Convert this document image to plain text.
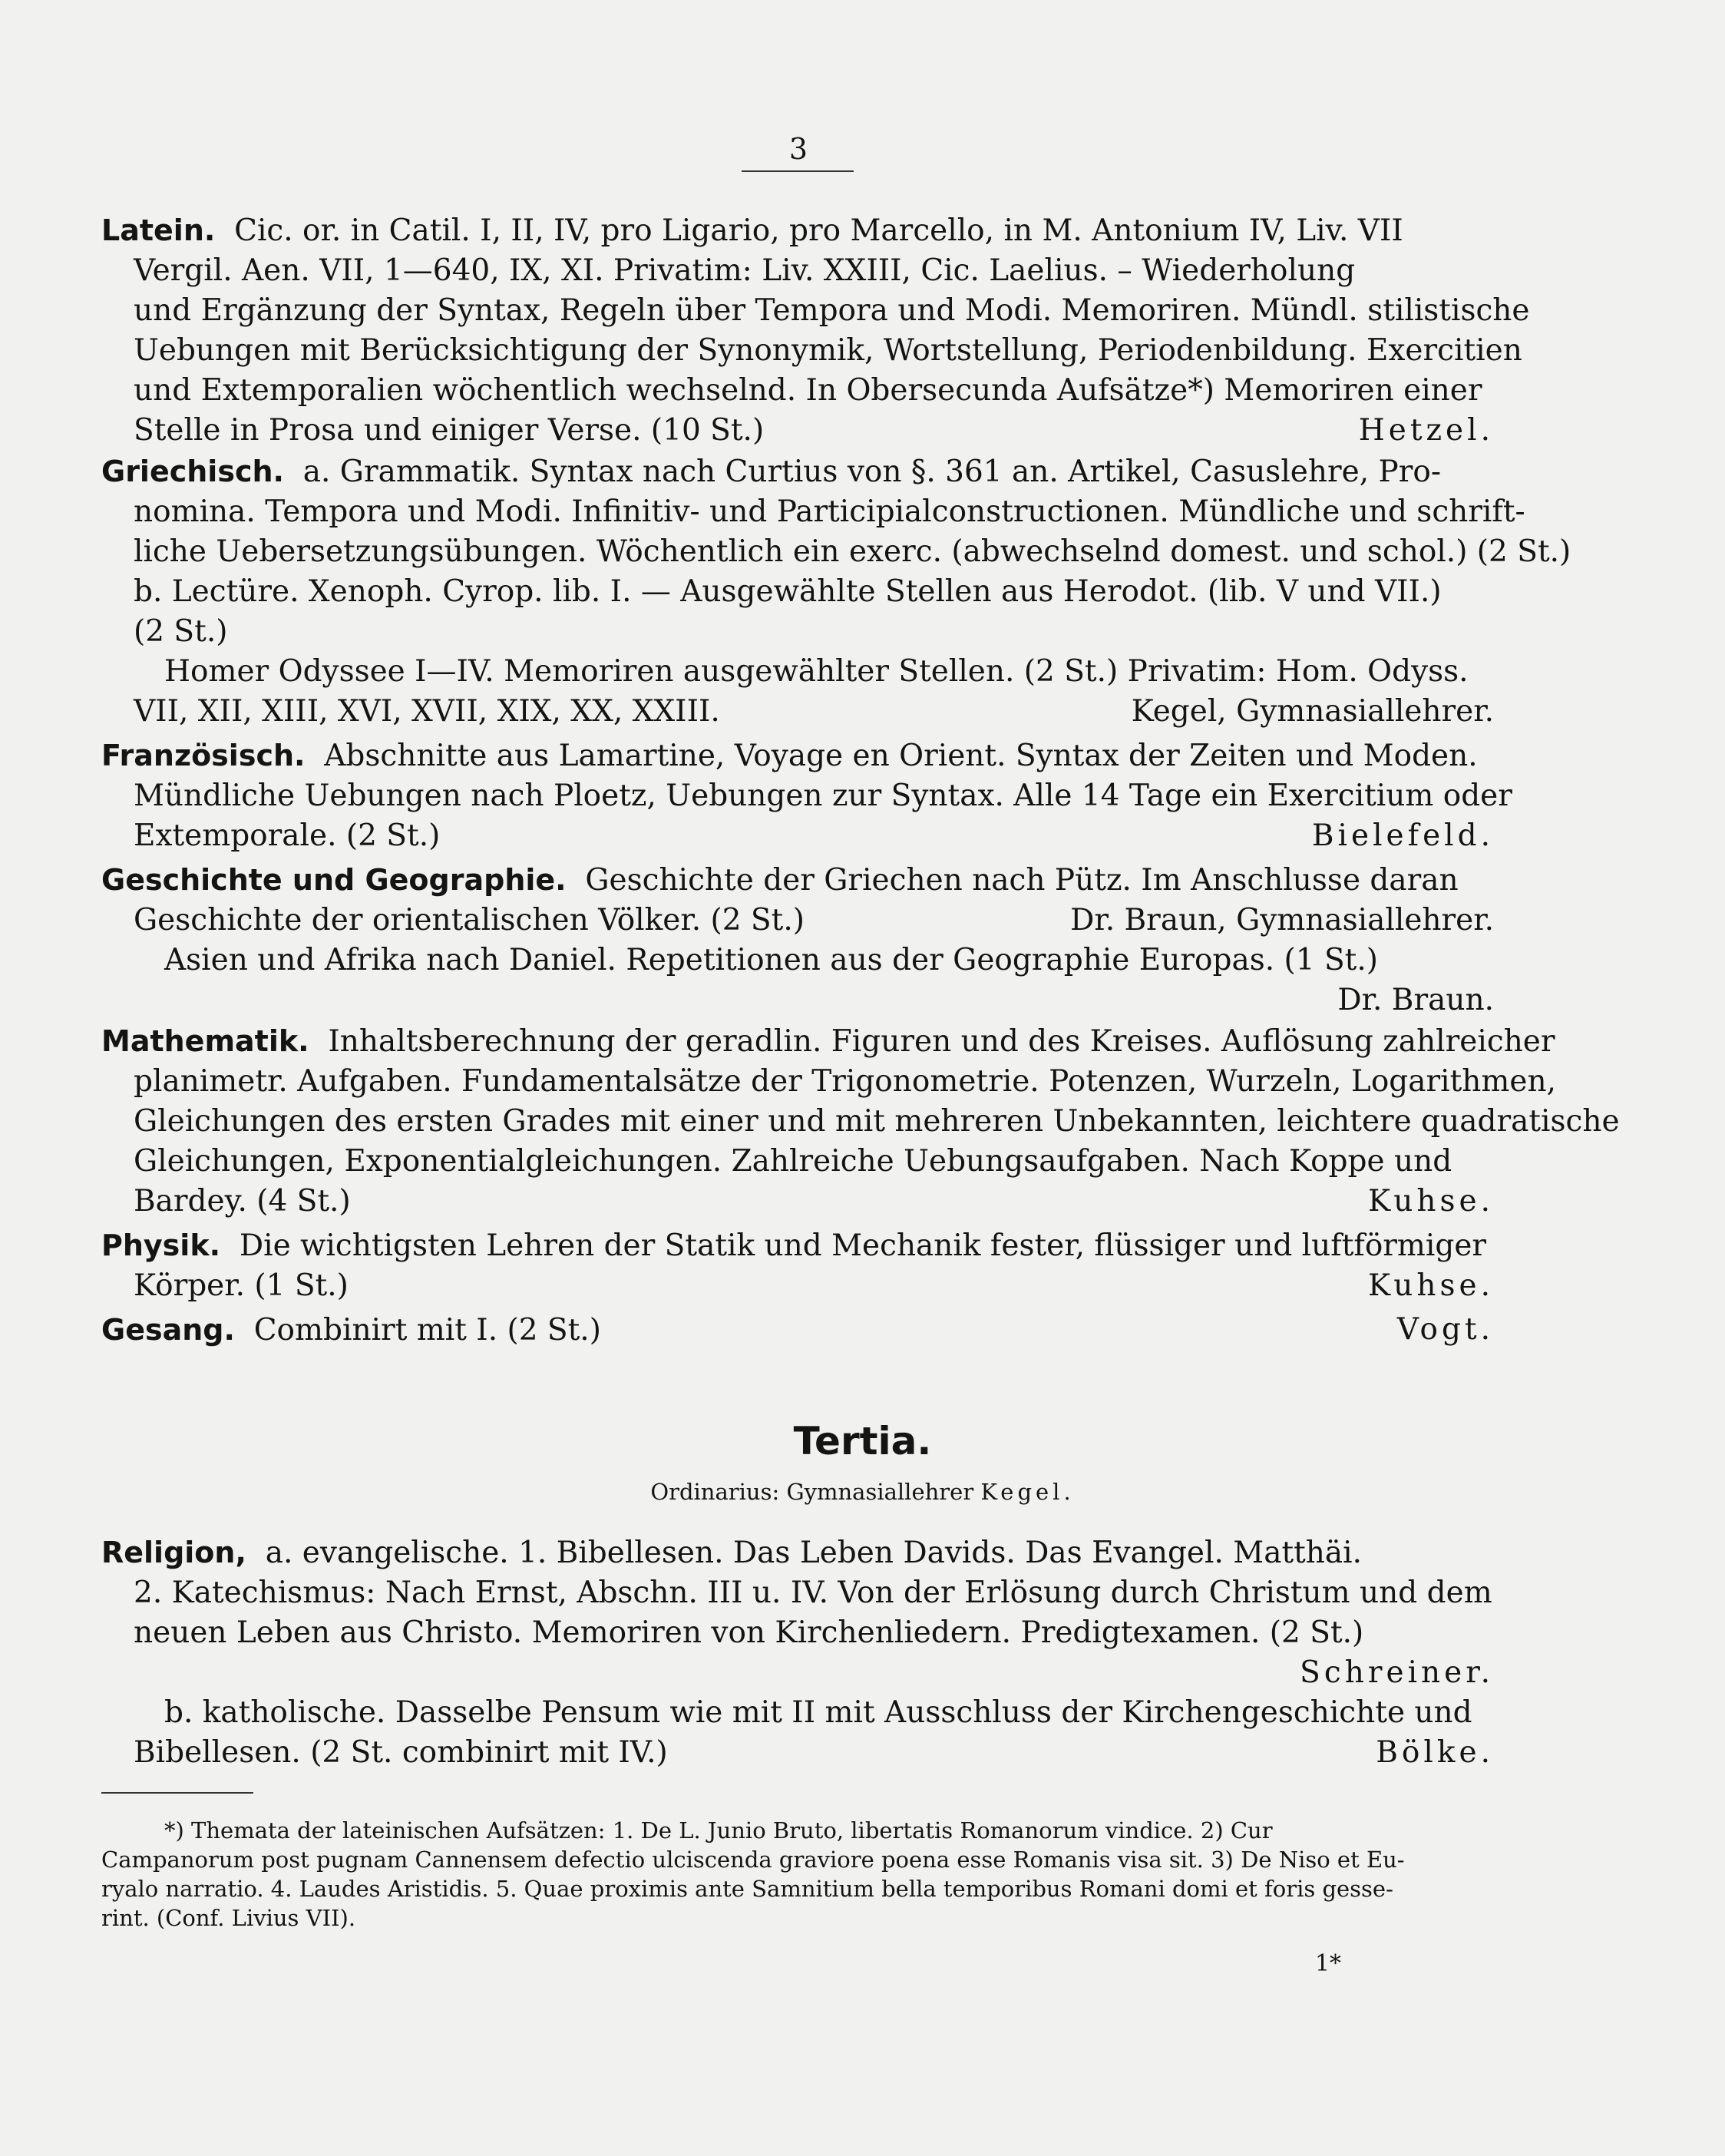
3
Latein. Cic. or. in Catil. I, II, IV, pro Ligario, pro Marcello, in M. Antonium IV, Liv. VII
Vergil. Aen. VII, 1—640, IX, XI. Privatim: Liv. XXIII, Cic. Laelius. – Wiederholung
und Ergänzung der Syntax, Regeln über Tempora und Modi. Memoriren. Mündl. stilistische
Uebungen mit Berücksichtigung der Synonymik, Wortstellung, Periodenbildung. Exercitien
und Extemporalien wöchentlich wechselnd. In Obersecunda Aufsätze*) Memoriren einer
Stelle in Prosa und einiger Verse. (10 St.)	Hetzel.
Griechisch. a. Grammatik. Syntax nach Curtius von §. 361 an. Artikel, Casuslehre, Pro-
nomina. Tempora und Modi. Infinitiv- und Participialconstructionen. Mündliche und schrift-
liche Uebersetzungsübungen. Wöchentlich ein exerc. (abwechselnd domest. und schol.) (2 St.)
b. Lectüre. Xenoph. Cyrop. lib. I. — Ausgewählte Stellen aus Herodot. (lib. V und VII.)
(2 St.)
Homer Odyssee I—IV. Memoriren ausgewählter Stellen. (2 St.) Privatim: Hom. Odyss.
VII, XII, XIII, XVI, XVII, XIX, XX, XXIII.	Kegel, Gymnasiallehrer.
Französisch. Abschnitte aus Lamartine, Voyage en Orient. Syntax der Zeiten und Moden.
Mündliche Uebungen nach Ploetz, Uebungen zur Syntax. Alle 14 Tage ein Exercitium oder
Extemporale. (2 St.)	Bielefeld.
Geschichte und Geographie. Geschichte der Griechen nach Pütz. Im Anschlusse daran
Geschichte der orientalischen Völker. (2 St.)	Dr. Braun, Gymnasiallehrer.
Asien und Afrika nach Daniel. Repetitionen aus der Geographie Europas. (1 St.)
Dr. Braun.
Mathematik. Inhaltsberechnung der geradlin. Figuren und des Kreises. Auflösung zahlreicher
planimetr. Aufgaben. Fundamentalsätze der Trigonometrie. Potenzen, Wurzeln, Logarithmen,
Gleichungen des ersten Grades mit einer und mit mehreren Unbekannten, leichtere quadratische
Gleichungen, Exponentialgleichungen. Zahlreiche Uebungsaufgaben. Nach Koppe und
Bardey. (4 St.)	Kuhse.
Physik. Die wichtigsten Lehren der Statik und Mechanik fester, flüssiger und luftförmiger
Körper. (1 St.)	Kuhse.
Gesang. Combinirt mit I. (2 St.)	Vogt.
Tertia.
Ordinarius: Gymnasiallehrer Kegel.
Religion, a. evangelische. 1. Bibellesen. Das Leben Davids. Das Evangel. Matthäi.
2. Katechismus: Nach Ernst, Abschn. III u. IV. Von der Erlösung durch Christum und dem
neuen Leben aus Christo. Memoriren von Kirchenliedern. Predigtexamen. (2 St.)
Schreiner.
b. katholische. Dasselbe Pensum wie mit II mit Ausschluss der Kirchengeschichte und
Bibellesen. (2 St. combinirt mit IV.)	Bölke.
*) Themata der lateinischen Aufsätzen: 1. De L. Junio Bruto, libertatis Romanorum vindice. 2) Cur
Campanorum post pugnam Cannensem defectio ulciscenda graviore poena esse Romanis visa sit. 3) De Niso et Eu-
ryalo narratio. 4. Laudes Aristidis. 5. Quae proximis ante Samnitium bella temporibus Romani domi et foris gesse-
rint. (Conf. Livius VII).
1*
